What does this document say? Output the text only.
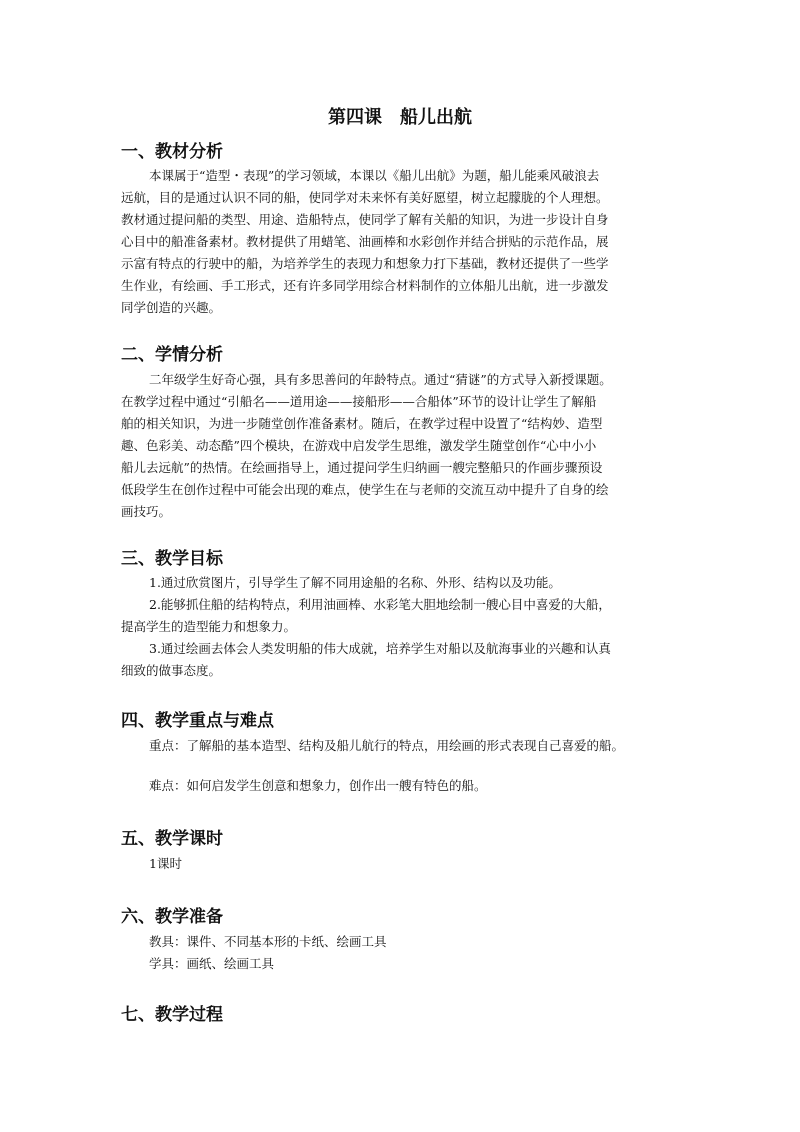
第四课　船儿出航
一、教材分析
本课属于“造型・表现”的学习领域，本课以《船儿出航》为题，船儿能乘风破浪去
远航，目的是通过认识不同的船，使同学对未来怀有美好愿望，树立起朦胧的个人理想。
教材通过提问船的类型、用途、造船特点，使同学了解有关船的知识，为进一步设计自身
心目中的船准备素材。教材提供了用蜡笔、油画棒和水彩创作并结合拼贴的示范作品，展
示富有特点的行驶中的船，为培养学生的表现力和想象力打下基础，教材还提供了一些学
生作业，有绘画、手工形式，还有许多同学用综合材料制作的立体船儿出航，进一步激发
同学创造的兴趣。
二、学情分析
二年级学生好奇心强，具有多思善问的年龄特点。通过“猜谜”的方式导入新授课题。
在教学过程中通过“引船名——道用途——接船形——合船体”环节的设计让学生了解船
舶的相关知识，为进一步随堂创作准备素材。随后，在教学过程中设置了“结构妙、造型
趣、色彩美、动态酷”四个模块，在游戏中启发学生思维，激发学生随堂创作“心中小小
船儿去远航”的热情。在绘画指导上，通过提问学生归纳画一艘完整船只的作画步骤预设
低段学生在创作过程中可能会出现的难点，使学生在与老师的交流互动中提升了自身的绘
画技巧。
三、教学目标
1.通过欣赏图片，引导学生了解不同用途船的名称、外形、结构以及功能。
2.能够抓住船的结构特点，利用油画棒、水彩笔大胆地绘制一艘心目中喜爱的大船，
提高学生的造型能力和想象力。
3.通过绘画去体会人类发明船的伟大成就，培养学生对船以及航海事业的兴趣和认真
细致的做事态度。
四、教学重点与难点
重点：了解船的基本造型、结构及船儿航行的特点，用绘画的形式表现自己喜爱的船。
难点：如何启发学生创意和想象力，创作出一艘有特色的船。
五、教学课时
1课时
六、教学准备
教具：课件、不同基本形的卡纸、绘画工具
学具：画纸、绘画工具
七、教学过程
